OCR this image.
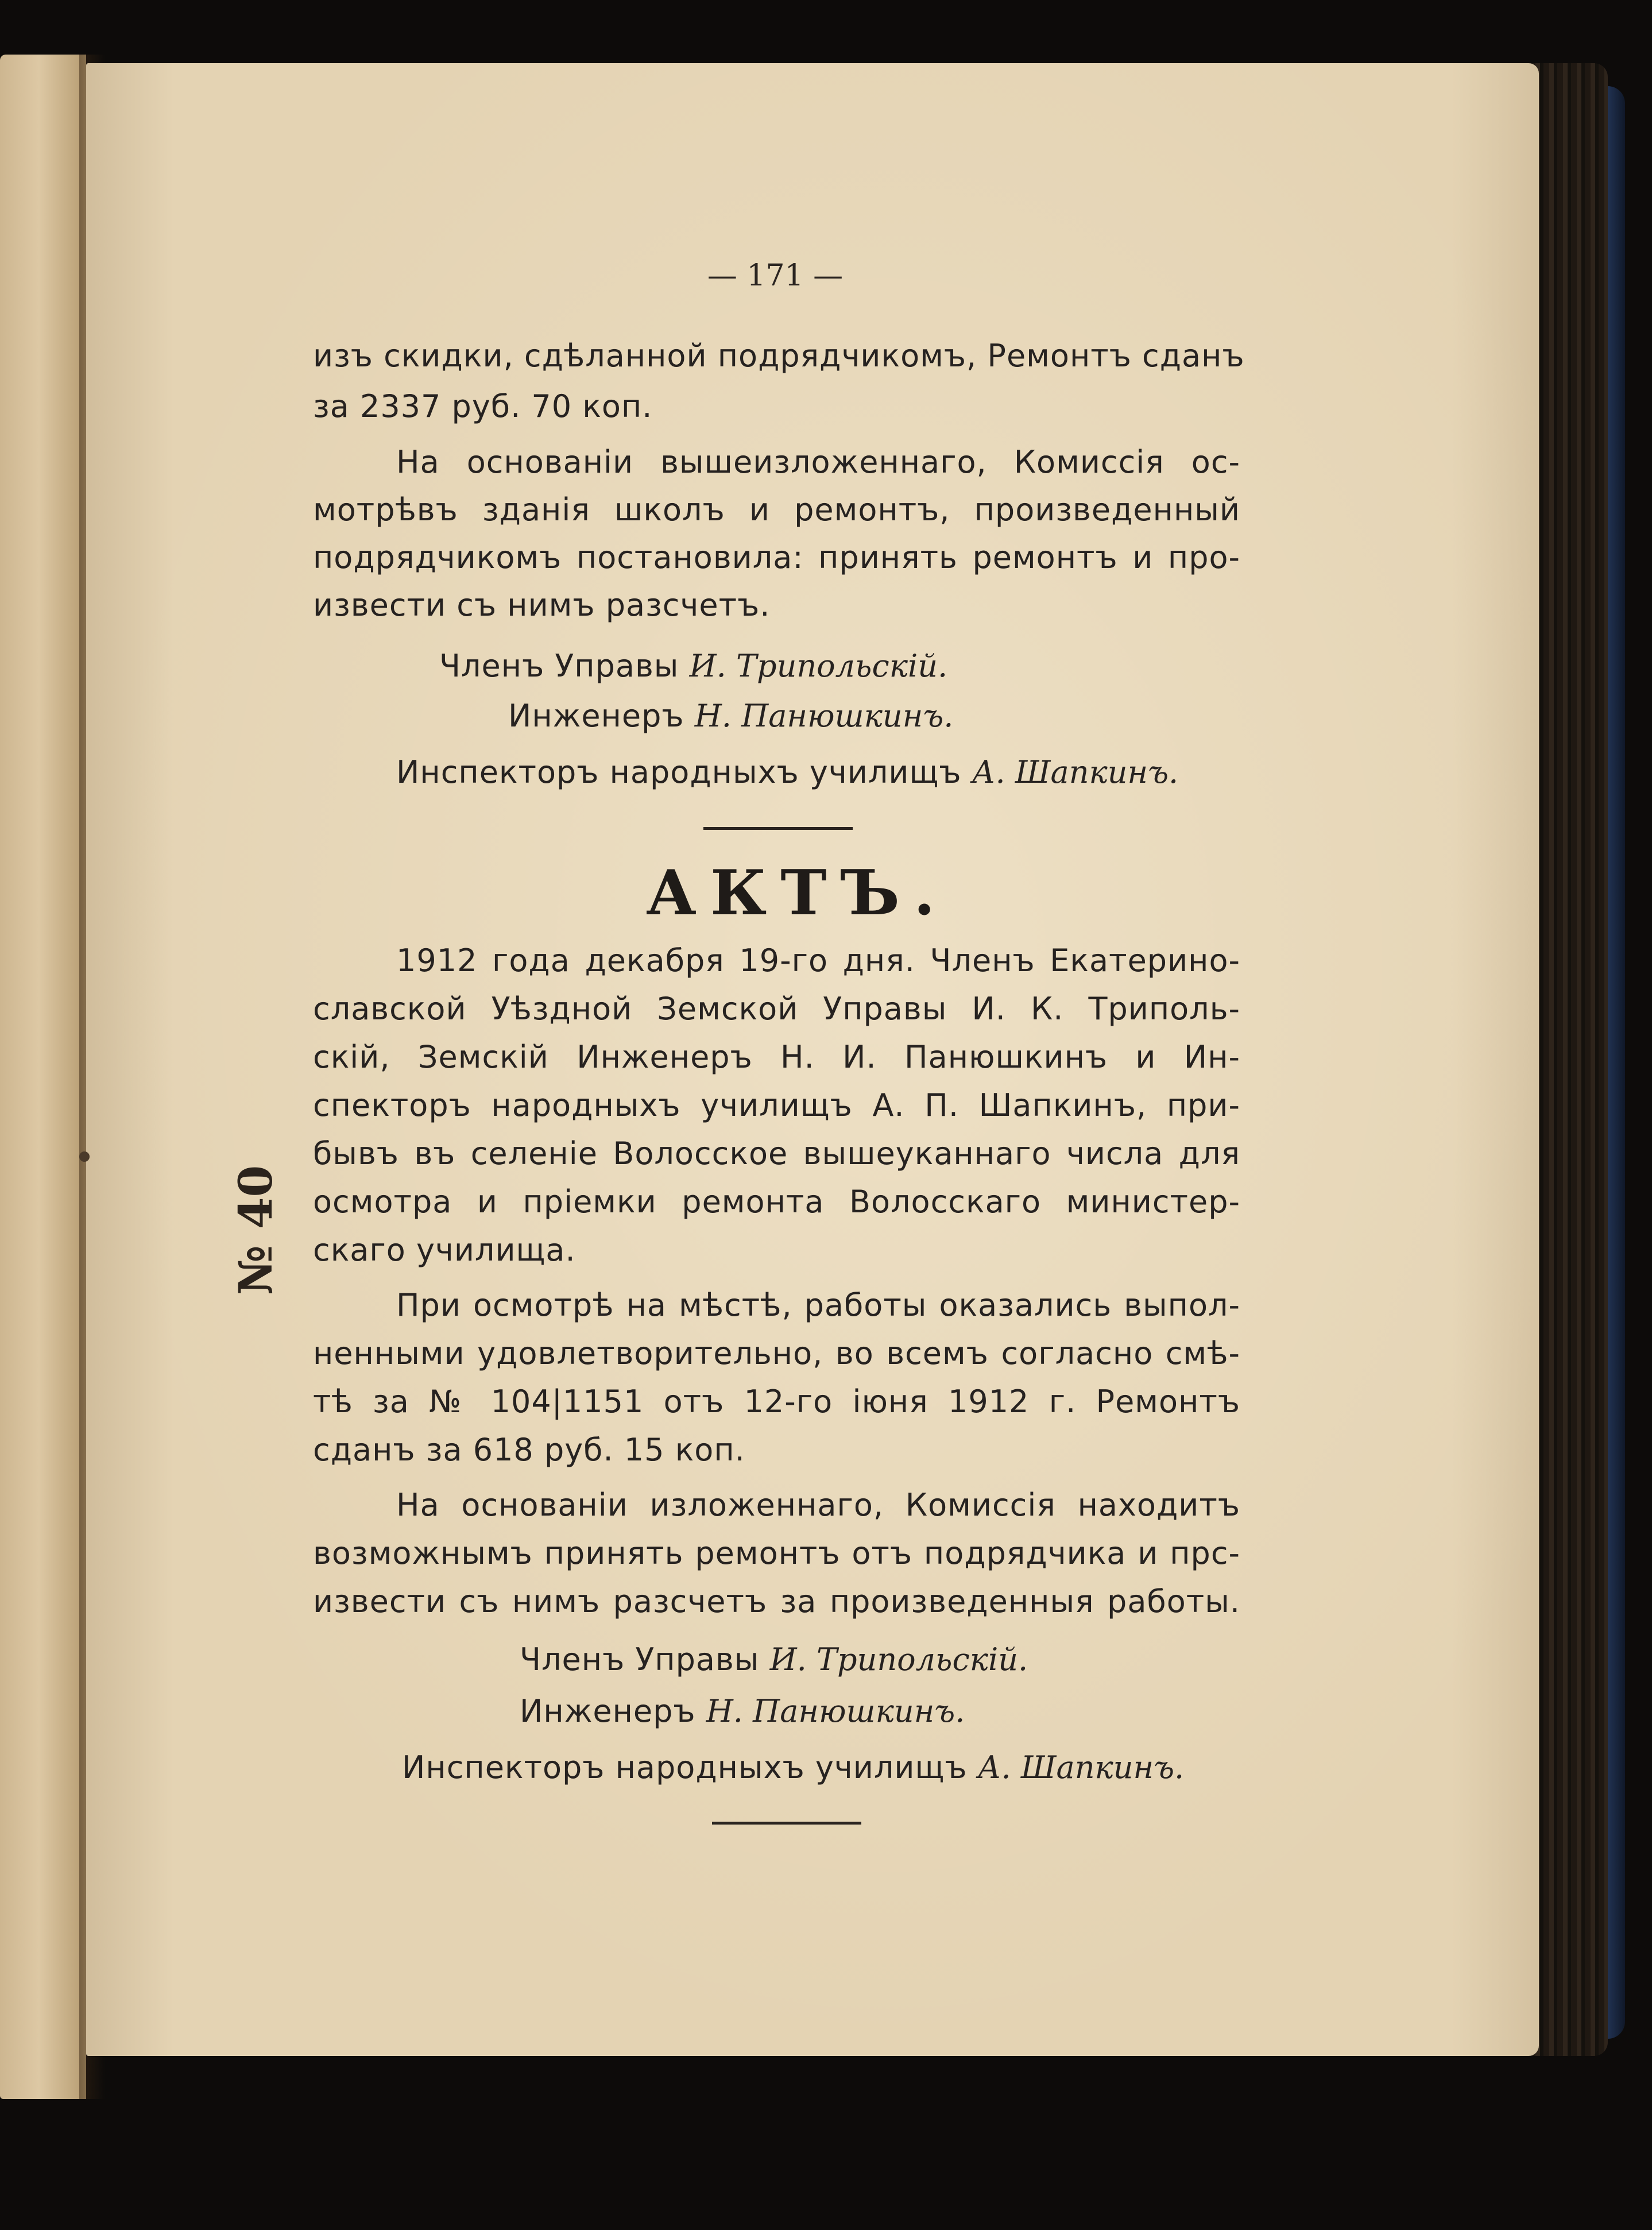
— 171 —
изъ скидки, сдѣланной подрядчикомъ, Ремонтъ сданъ
за 2337 руб. 70 коп.
На основаніи вышеизложеннаго, Комиссія ос-
мотрѣвъ зданія школъ и ремонтъ, произведенный
подрядчикомъ постановила: принять ремонтъ и про-
извести съ нимъ разсчетъ.
Членъ Управы И. Трипольскій.
Инженеръ Н. Панюшкинъ.
Инспекторъ народныхъ училищъ А. Шапкинъ.
АКТЪ.
1912 года декабря 19-го дня. Членъ Екатерино-
славской Уѣздной Земской Управы И. К. Триполь-
скій, Земскій Инженеръ Н. И. Панюшкинъ и Ин-
спекторъ народныхъ училищъ А. П. Шапкинъ, при-
бывъ въ селеніе Волосское вышеуканнаго числа для
осмотра и пріемки ремонта Волосскаго министер-
скаго училища.
При осмотрѣ на мѣстѣ, работы оказались выпол-
ненными удовлетворительно, во всемъ согласно смѣ-
тѣ за № 104|1151 отъ 12-го іюня 1912 г. Ремонтъ
сданъ за 618 руб. 15 коп.
На основаніи изложеннаго, Комиссія находитъ
возможнымъ принять ремонтъ отъ подрядчика и прс-
извести съ нимъ разсчетъ за произведенныя работы.
Членъ Управы И. Трипольскій.
Инженеръ Н. Панюшкинъ.
Инспекторъ народныхъ училищъ А. Шапкинъ.
№ 40
